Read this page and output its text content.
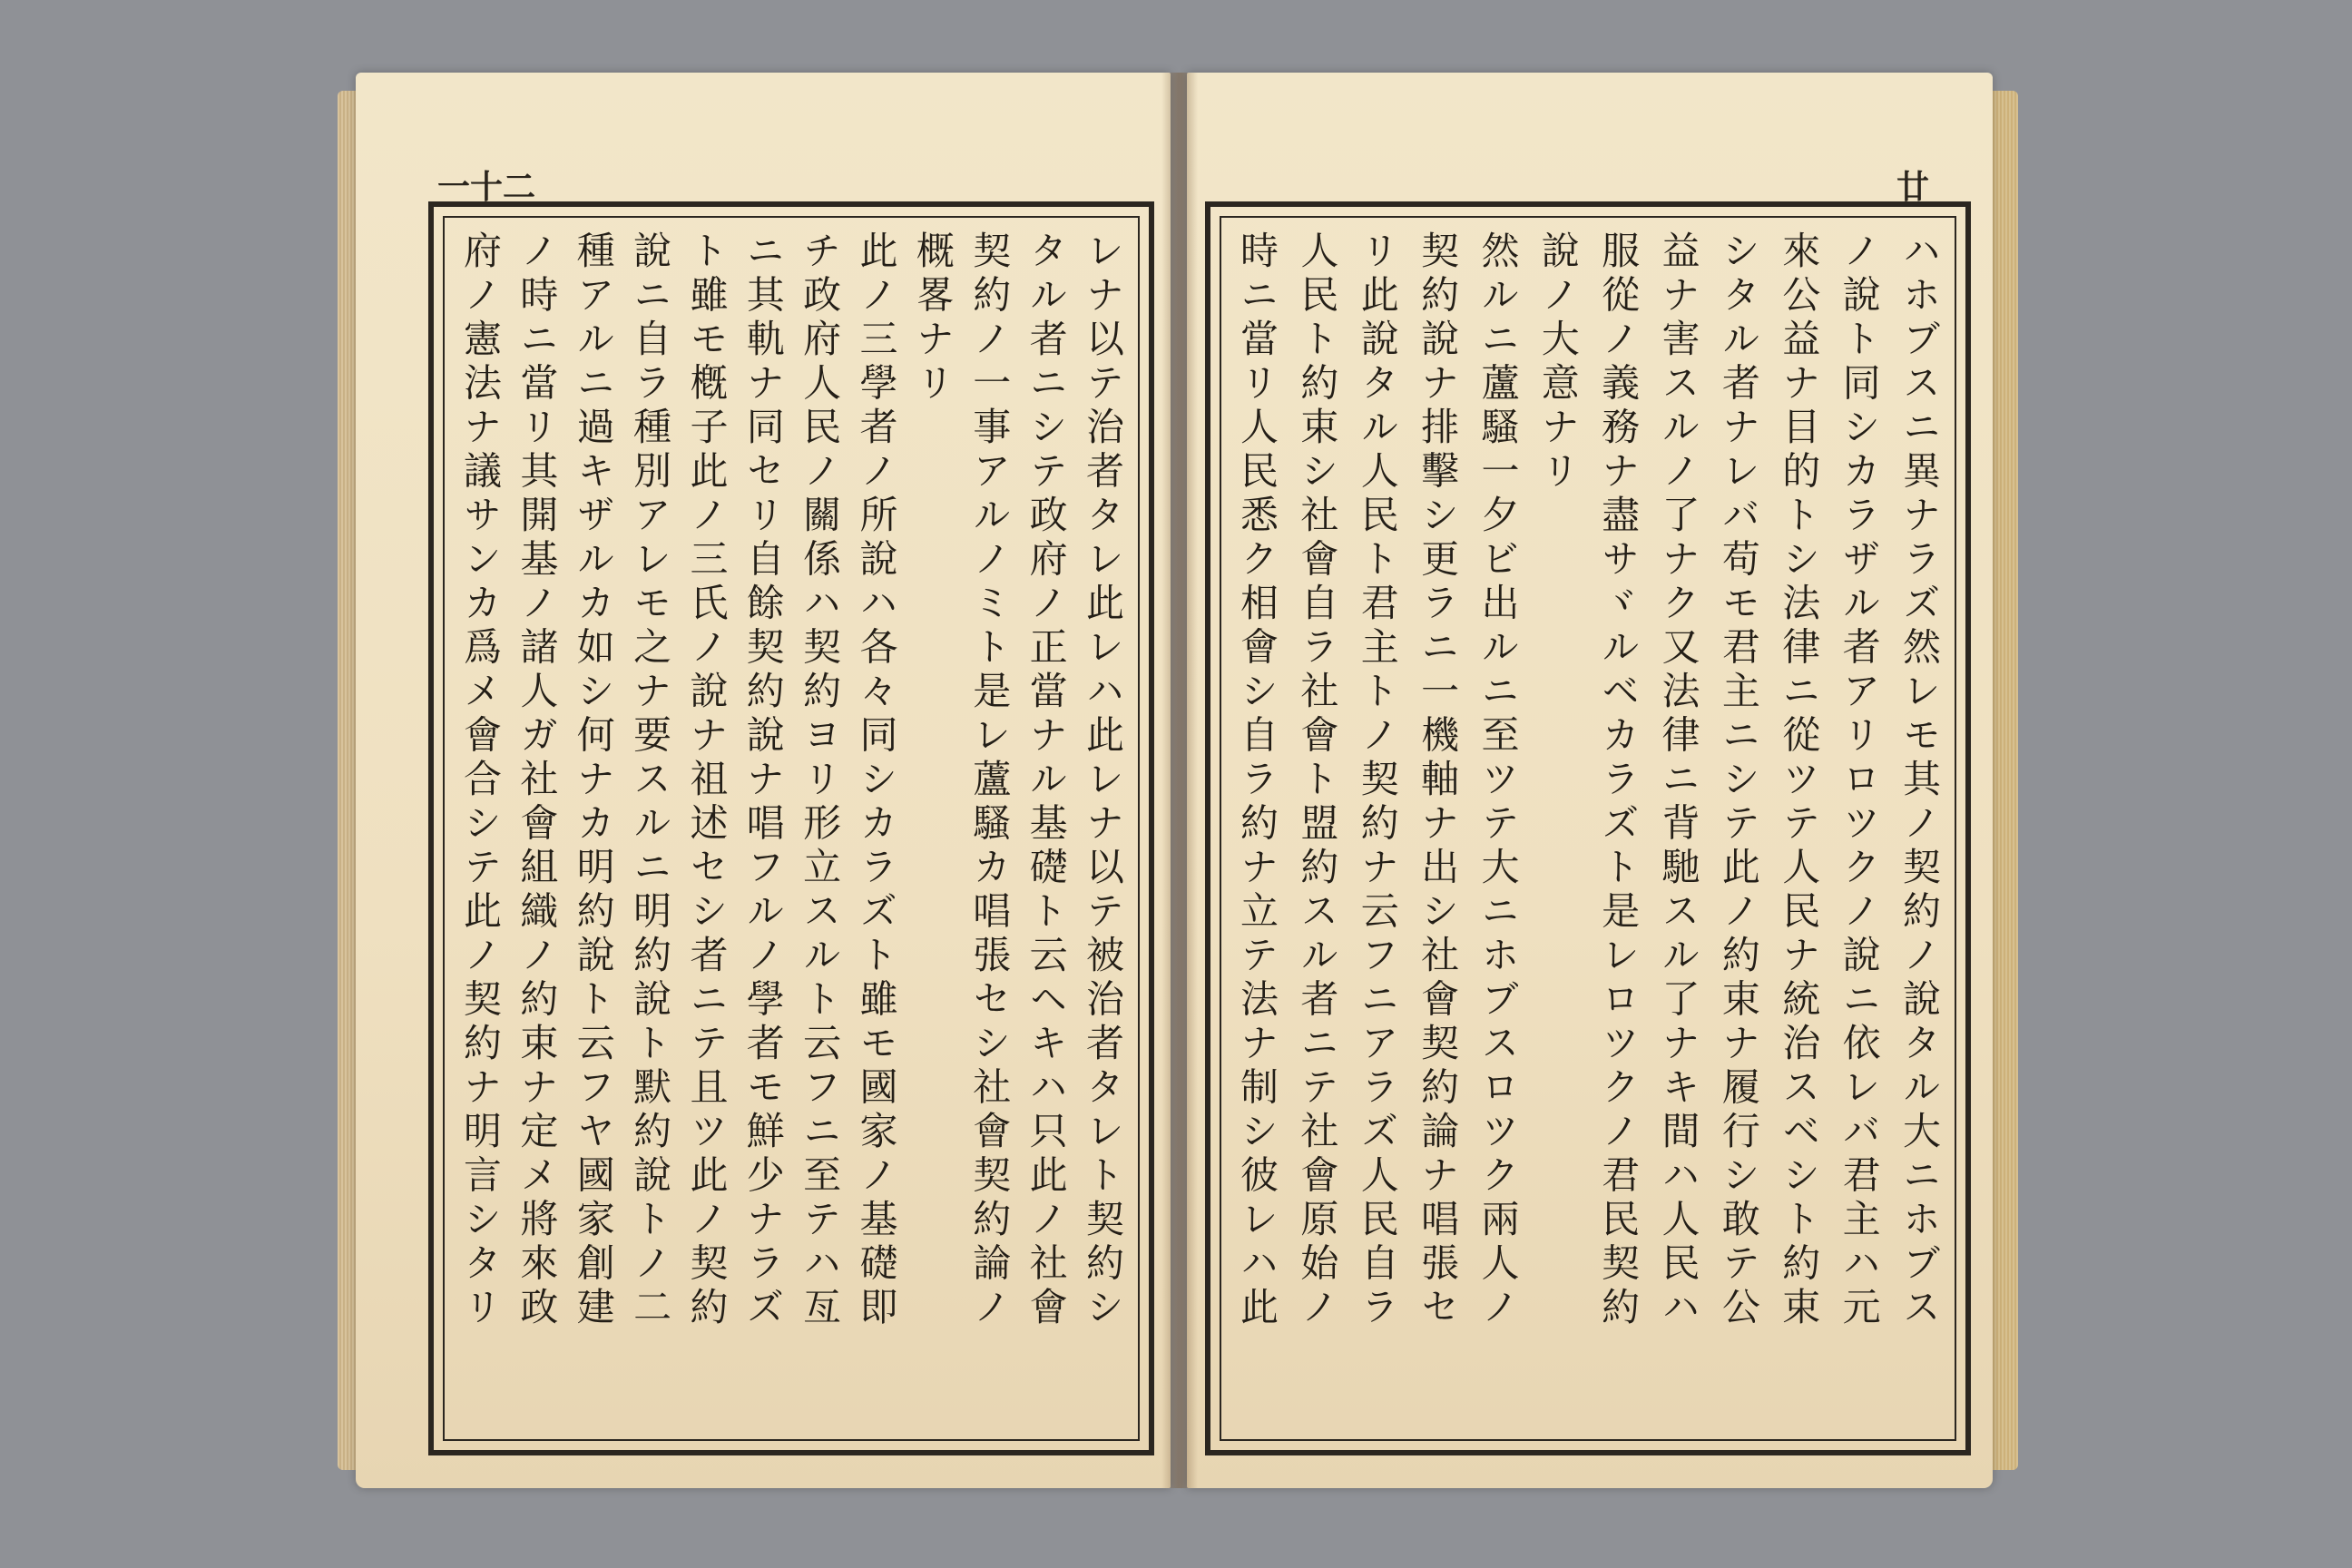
一十二
レナ以テ治者タレ此レハ此レナ以テ被治者タレト契約シ
タル者ニシテ政府ノ正當ナル基礎ト云ヘキハ只此ノ社會
契約ノ一事アルノミト是レ蘆騷カ唱張セシ社會契約論ノ
概畧ナリ
此ノ三學者ノ所說ハ各々同シカラズト雖モ國家ノ基礎即
チ政府人民ノ關係ハ契約ヨリ形立スルト云フニ至テハ亙
ニ其軌ナ同セリ自餘契約說ナ唱フルノ學者モ鮮少ナラズ
ト雖モ槪子此ノ三氏ノ說ナ祖述セシ者ニテ且ツ此ノ契約
說ニ自ラ種別アレモ之ナ要スルニ明約說ト默約說トノ二
種アルニ過キザルカ如シ何ナカ明約說ト云フヤ國家創建
ノ時ニ當リ其開基ノ諸人ガ社會組織ノ約束ナ定メ將來政
府ノ憲法ナ議サンカ爲メ會合シテ此ノ契約ナ明言シタリ
廿
ハホブスニ異ナラズ然レモ其ノ契約ノ說タル大ニホブス
ノ說ト同シカラザル者アリロツクノ說ニ依レバ君主ハ元
來公益ナ目的トシ法律ニ從ツテ人民ナ統治スベシト約束
シタル者ナレバ苟モ君主ニシテ此ノ約束ナ履行シ敢テ公
益ナ害スルノ了ナク又法律ニ背馳スル了ナキ間ハ人民ハ
服從ノ義務ナ盡サヾルベカラズト是レロツクノ君民契約
說ノ大意ナリ
然ルニ蘆騷一夕ビ出ルニ至ツテ大ニホブスロツク兩人ノ
契約說ナ排擊シ更ラニ一機軸ナ出シ社會契約論ナ唱張セ
リ此說タル人民ト君主トノ契約ナ云フニアラズ人民自ラ
人民ト約束シ社會自ラ社會ト盟約スル者ニテ社會原始ノ
時ニ當リ人民悉ク相會シ自ラ約ナ立テ法ナ制シ彼レハ此
